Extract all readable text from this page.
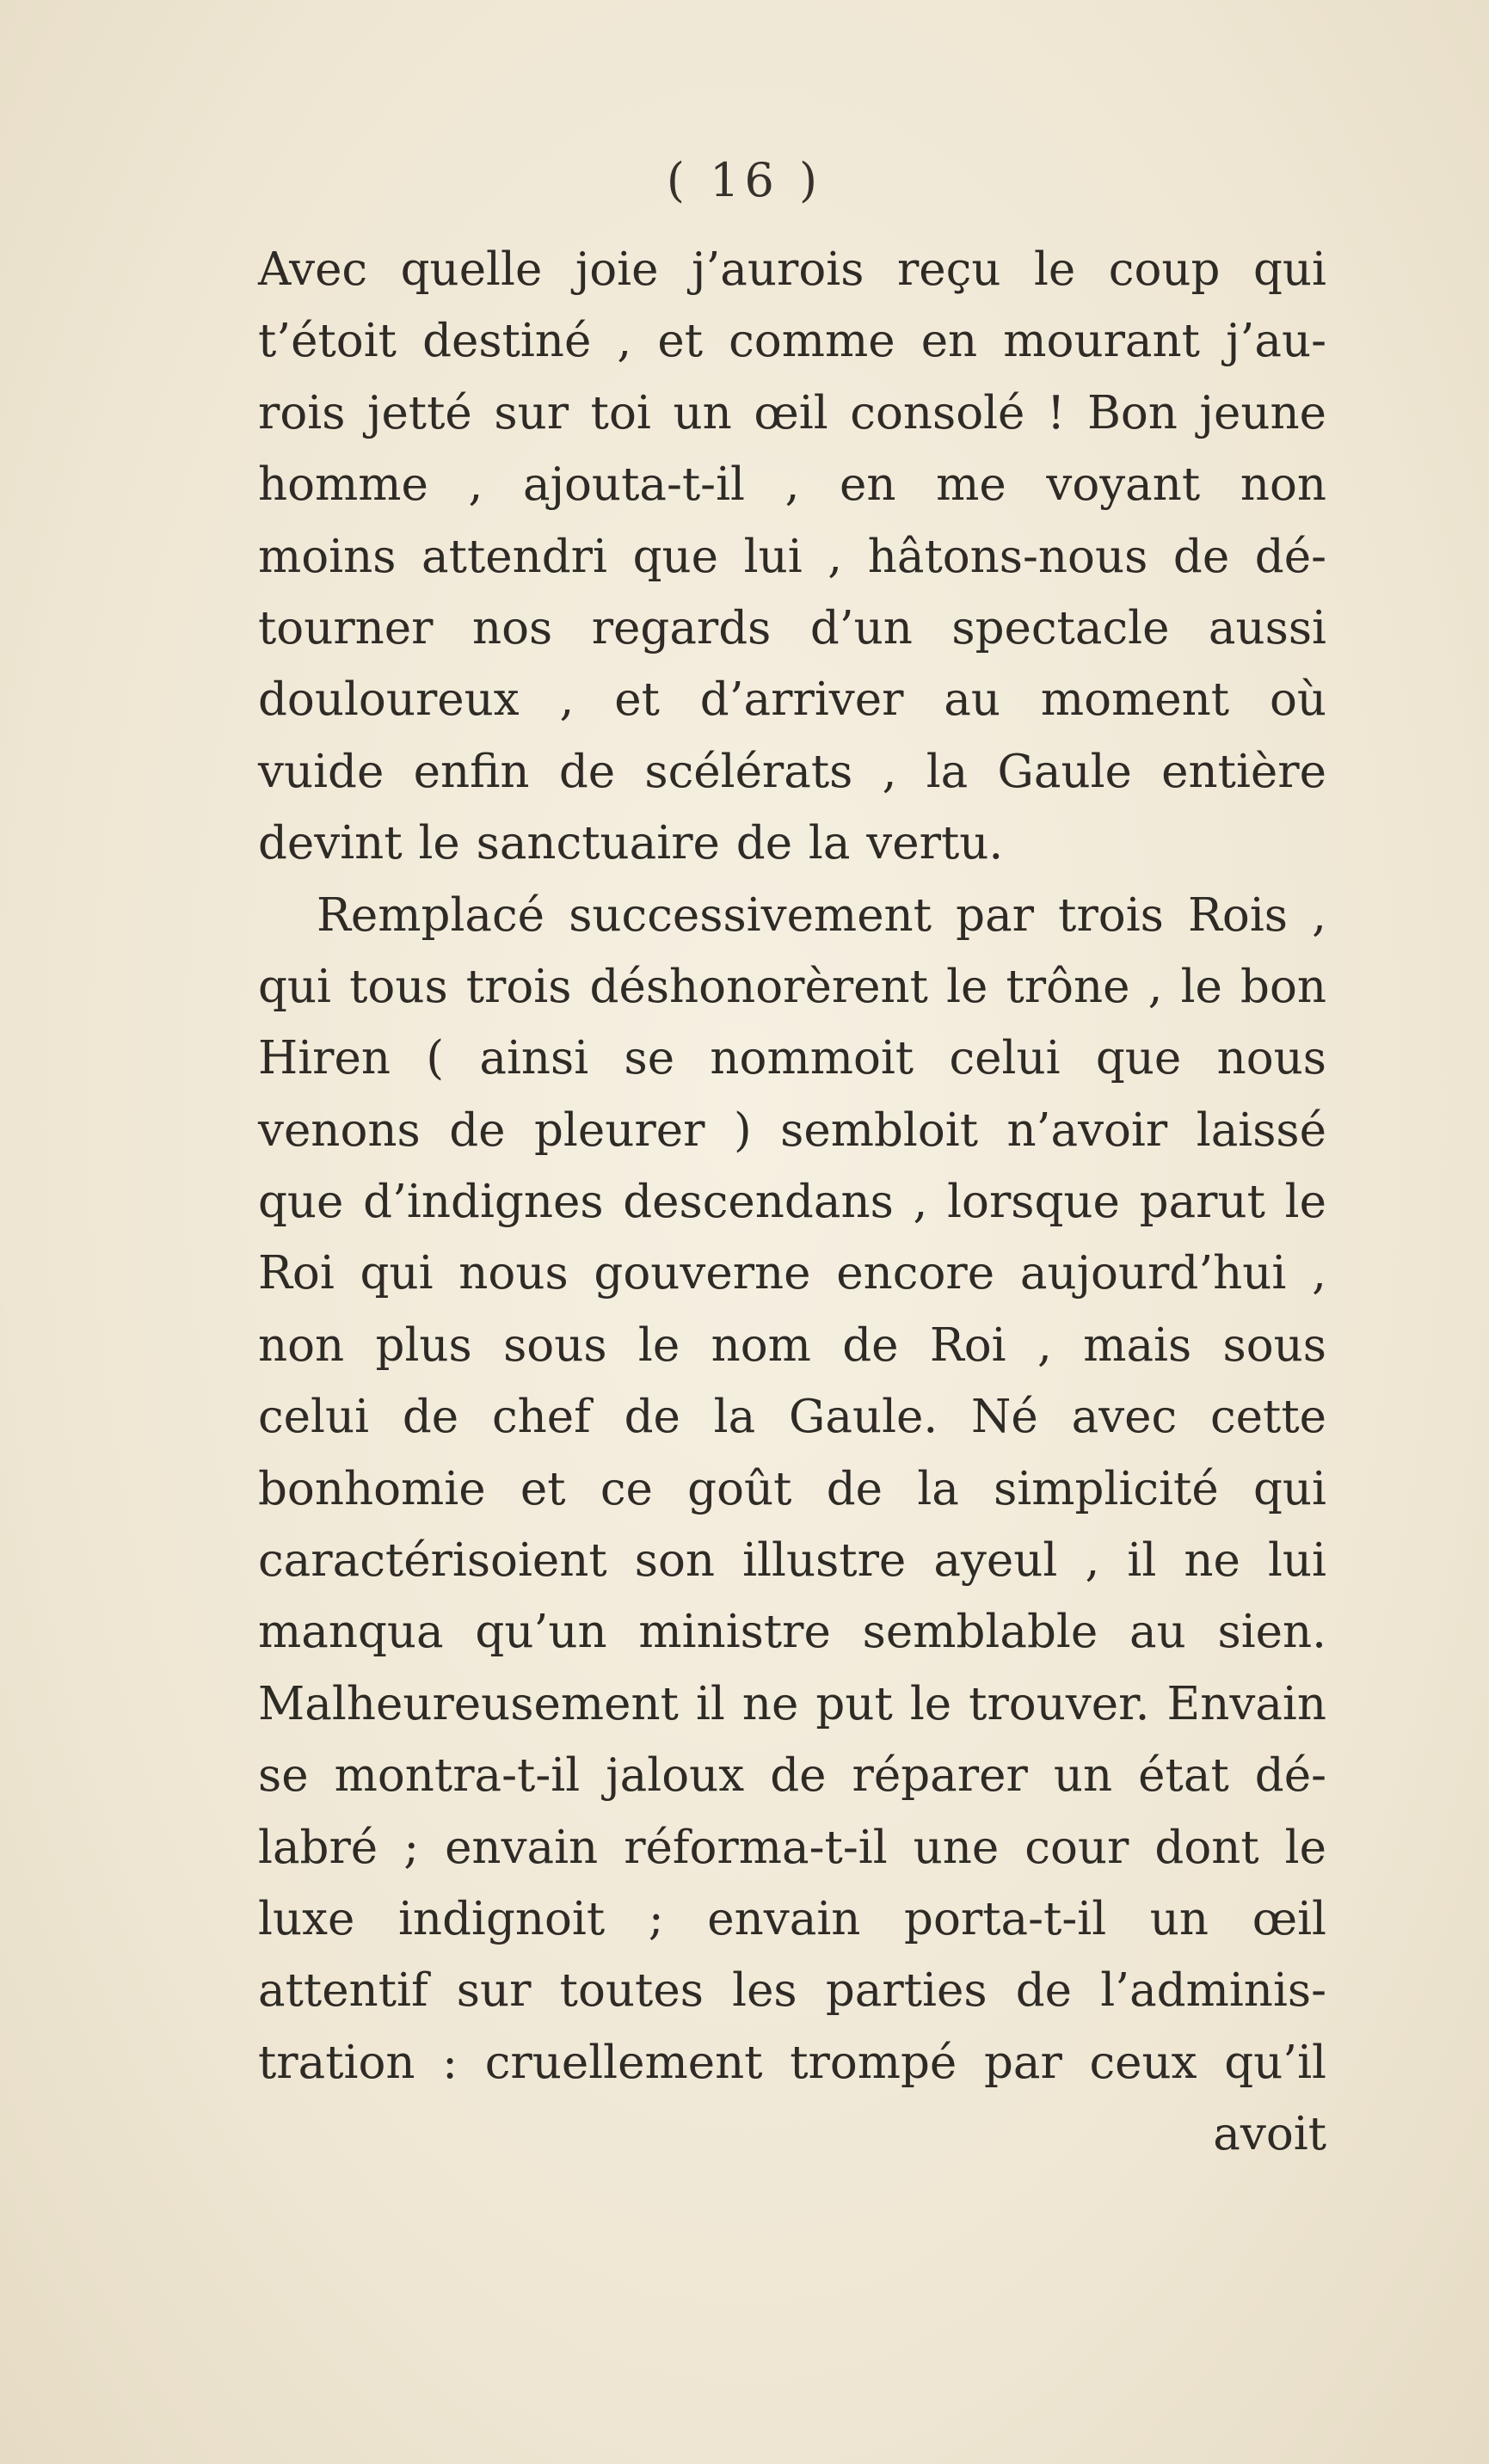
( 16 )
Avec quelle joie j’aurois reçu le coup qui
t’étoit destiné , et comme en mourant j’au-
rois jetté sur toi un œil consolé ! Bon jeune
homme , ajouta-t-il , en me voyant non
moins attendri que lui , hâtons-nous de dé-
tourner nos regards d’un spectacle aussi
douloureux , et d’arriver au moment où
vuide enfin de scélérats , la Gaule entière
devint le sanctuaire de la vertu.
Remplacé successivement par trois Rois ,
qui tous trois déshonorèrent le trône , le bon
Hiren ( ainsi se nommoit celui que nous
venons de pleurer ) sembloit n’avoir laissé
que d’indignes descendans , lorsque parut le
Roi qui nous gouverne encore aujourd’hui ,
non plus sous le nom de Roi , mais sous
celui de chef de la Gaule. Né avec cette
bonhomie et ce goût de la simplicité qui
caractérisoient son illustre ayeul , il ne lui
manqua qu’un ministre semblable au sien.
Malheureusement il ne put le trouver. Envain
se montra-t-il jaloux de réparer un état dé-
labré ; envain réforma-t-il une cour dont le
luxe indignoit ; envain porta-t-il un œil
attentif sur toutes les parties de l’adminis-
tration : cruellement trompé par ceux qu’il
avoit
